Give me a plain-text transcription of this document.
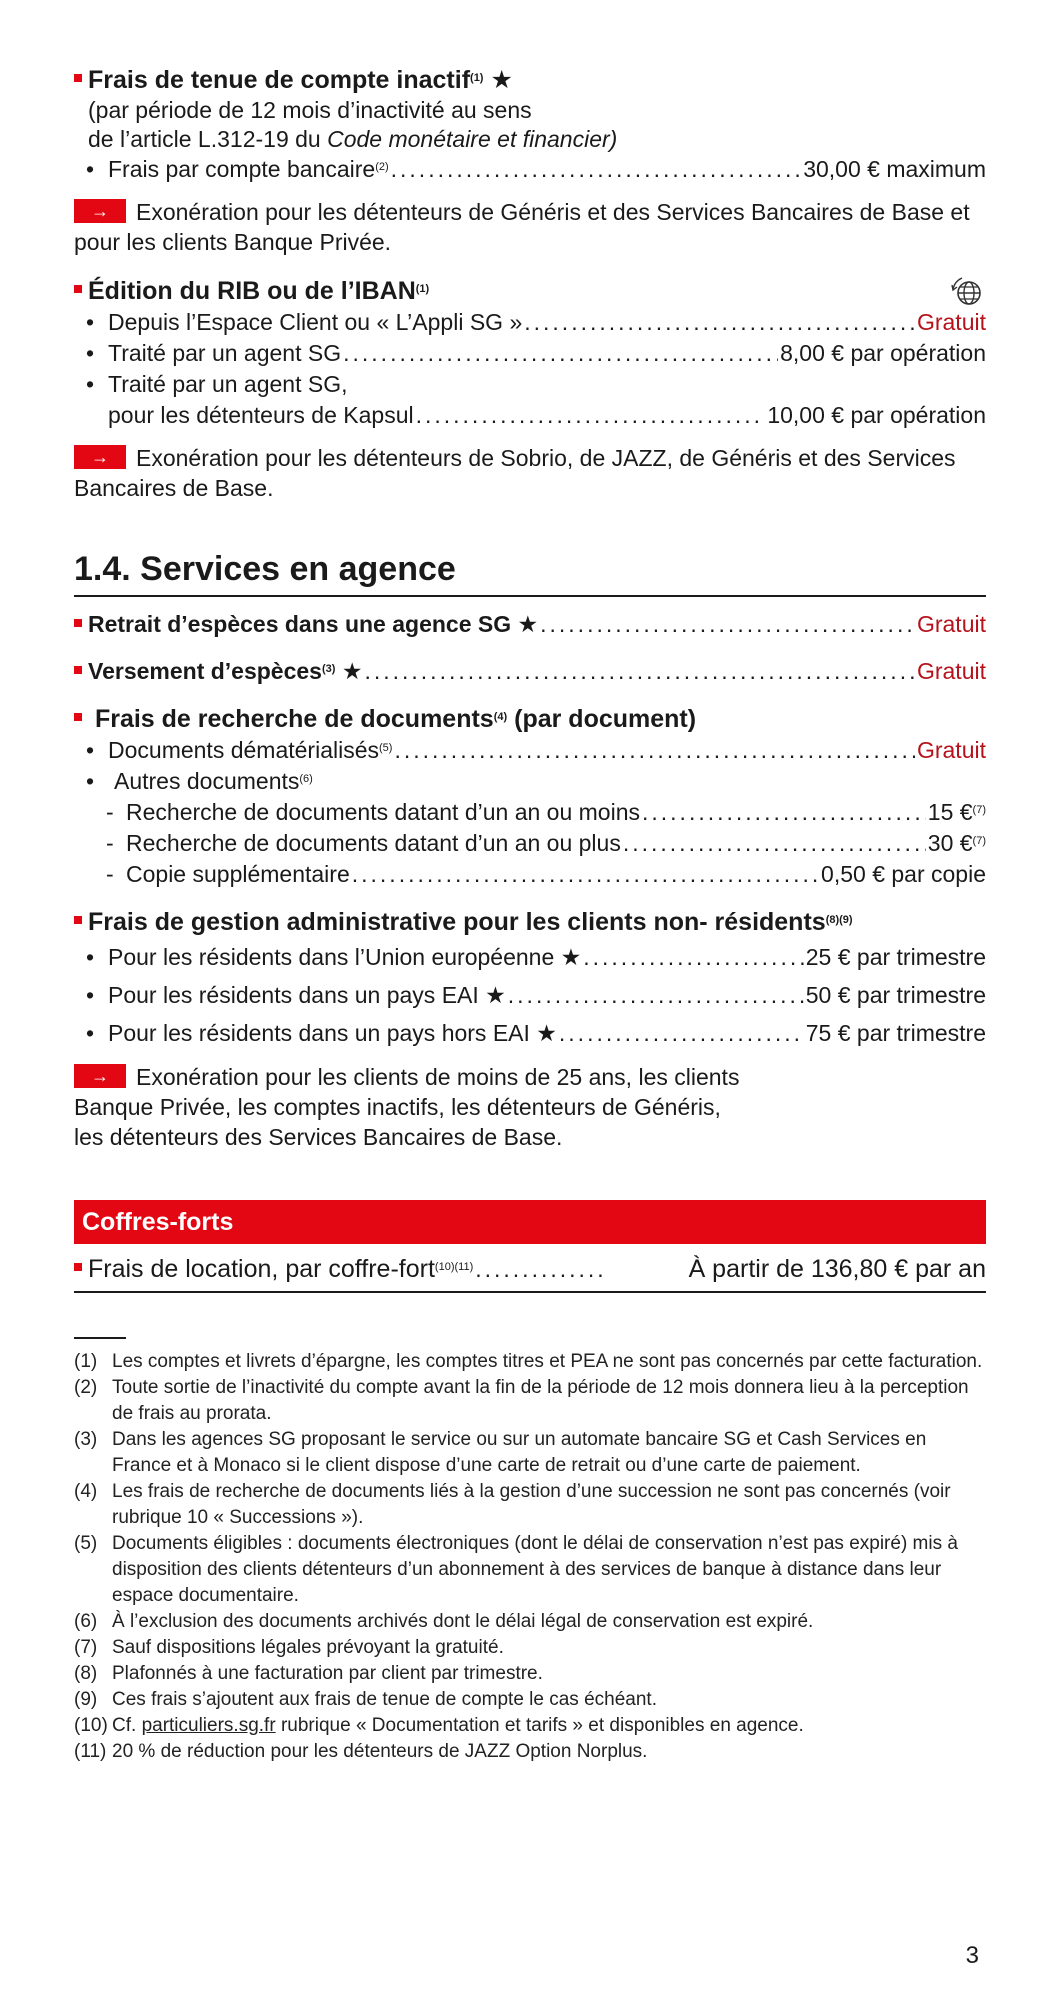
Frais de tenue de compte inactif$^{(1)}$ ★
(par période de 12 mois d’inactivité au sens
de l’article L.312-19 du Code monétaire et financier)
• Frais par compte bancaire$^{(2)}$ .....	30,00 € maximum
→ Exonération pour les détenteurs de Généris et des Services Bancaires de Base et pour les clients Banque Privée.
Édition du RIB ou de l’IBAN$^{(1)}$
• Depuis l’Espace Client ou « L’Appli SG » .....	Gratuit
• Traité par un agent SG .....	8,00 € par opération
• Traité par un agent SG,
pour les détenteurs de Kapsul .....	10,00 € par opération
→ Exonération pour les détenteurs de Sobrio, de JAZZ, de Généris et des Services Bancaires de Base.
1.4. Services en agence
Retrait d’espèces dans une agence SG ★ .....	Gratuit
Versement d’espèces$^{(3)}$ ★ .....	Gratuit
Frais de recherche de documents$^{(4)}$ (par document)
• Documents dématérialisés$^{(5)}$ .....	Gratuit
• Autres documents$^{(6)}$
- Recherche de documents datant d’un an ou moins .....	15 €$^{(7)}$
- Recherche de documents datant d’un an ou plus .....	30 €$^{(7)}$
- Copie supplémentaire .....	0,50 € par copie
Frais de gestion administrative pour les clients non- résidents$^{(8)(9)}$
• Pour les résidents dans l’Union européenne ★ .....	25 € par trimestre
• Pour les résidents dans un pays EAI ★ .....	50 € par trimestre
• Pour les résidents dans un pays hors EAI ★ .....	75 € par trimestre
→ Exonération pour les clients de moins de 25 ans, les clients
Banque Privée, les comptes inactifs, les détenteurs de Généris,
les détenteurs des Services Bancaires de Base.
Coffres-forts
Frais de location, par coffre-fort$^{(10)(11)}$ .....	À partir de 136,80 € par an
(1) Les comptes et livrets d’épargne, les comptes titres et PEA ne sont pas concernés par cette facturation.
(2) Toute sortie de l’inactivité du compte avant la fin de la période de 12 mois donnera lieu à la perception de frais au prorata.
(3) Dans les agences SG proposant le service ou sur un automate bancaire SG et Cash Services en France et à Monaco si le client dispose d’une carte de retrait ou d’une carte de paiement.
(4) Les frais de recherche de documents liés à la gestion d’une succession ne sont pas concernés (voir rubrique 10 « Successions »).
(5) Documents éligibles : documents électroniques (dont le délai de conservation n’est pas expiré) mis à disposition des clients détenteurs d’un abonnement à des services de banque à distance dans leur espace documentaire.
(6) À l’exclusion des documents archivés dont le délai légal de conservation est expiré.
(7) Sauf dispositions légales prévoyant la gratuité.
(8) Plafonnés à une facturation par client par trimestre.
(9) Ces frais s’ajoutent aux frais de tenue de compte le cas échéant.
(10) Cf. particuliers.sg.fr rubrique « Documentation et tarifs » et disponibles en agence.
(11) 20 % de réduction pour les détenteurs de JAZZ Option Norplus.
3
